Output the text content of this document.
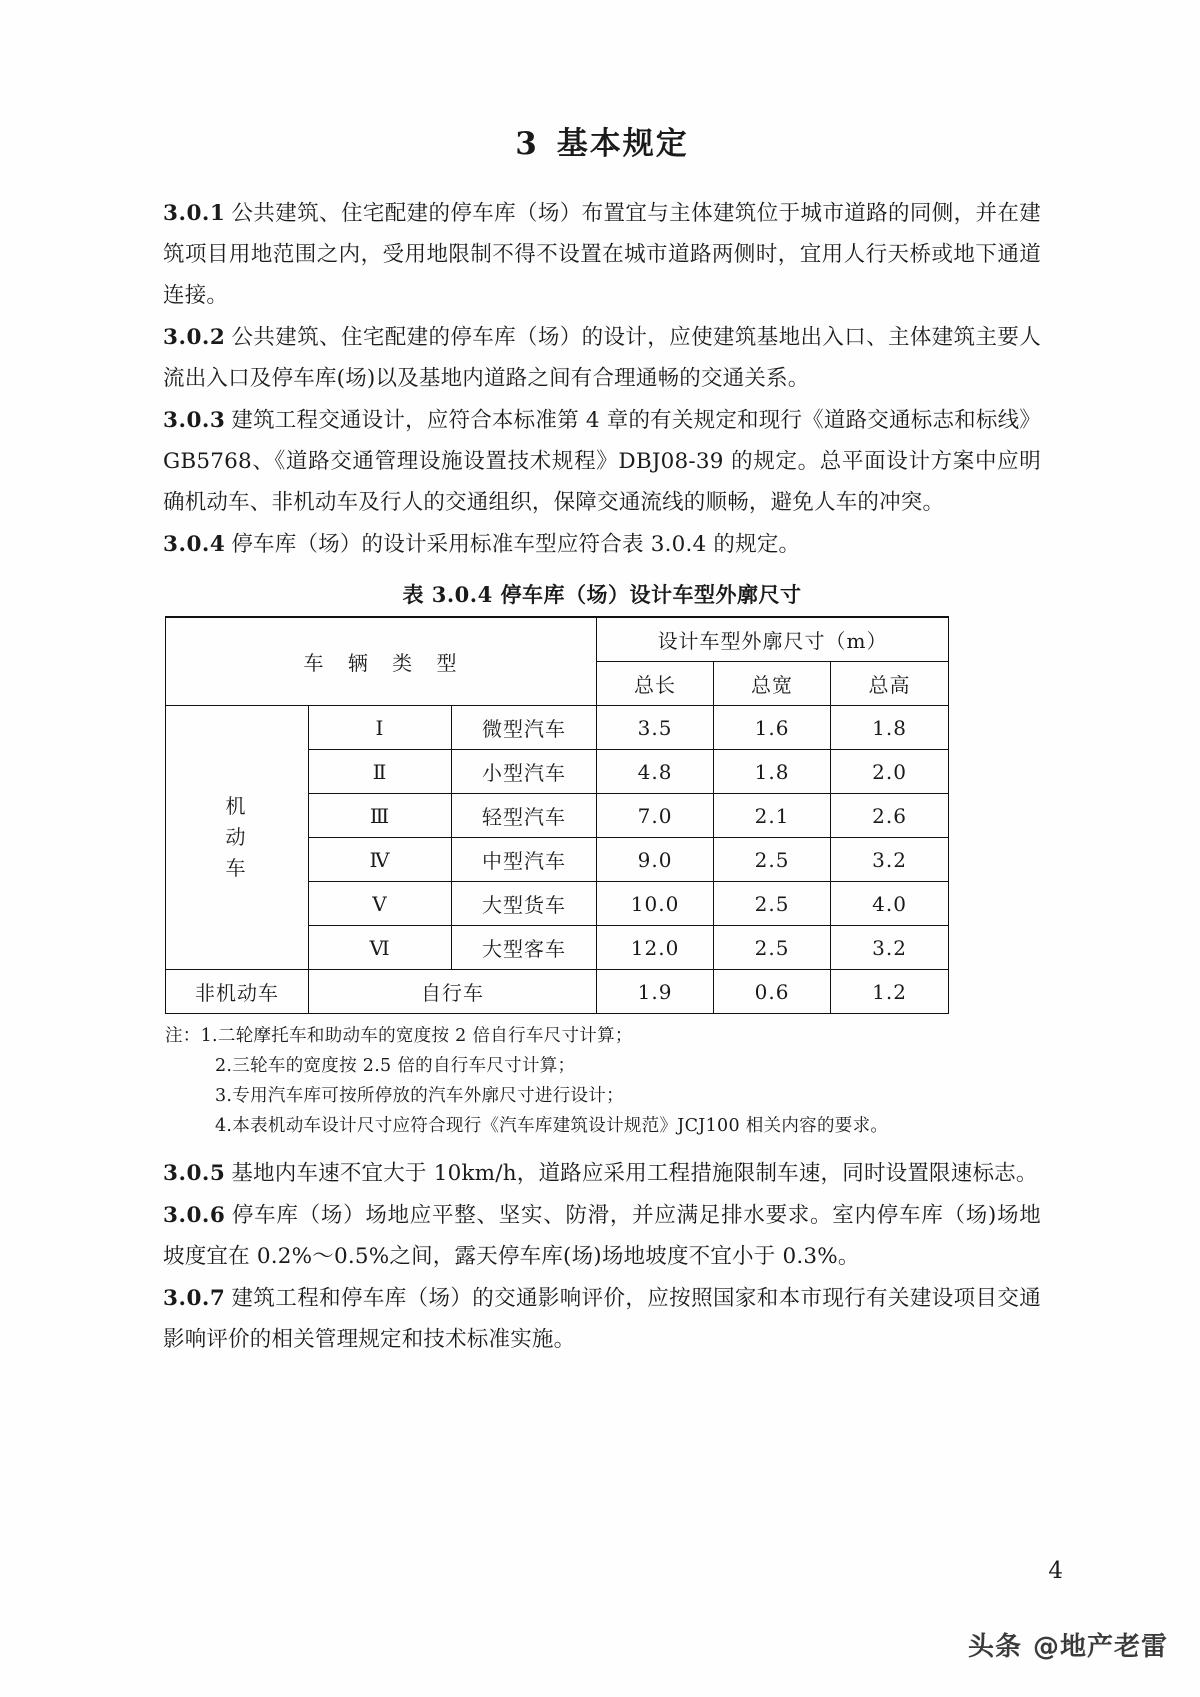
3 基本规定

3.0.1 公共建筑、住宅配建的停车库（场）布置宜与主体建筑位于城市道路的同侧，并在建筑项目用地范围之内，受用地限制不得不设置在城市道路两侧时，宜用人行天桥或地下通道连接。

3.0.2 公共建筑、住宅配建的停车库（场）的设计，应使建筑基地出入口、主体建筑主要人流出入口及停车库(场)以及基地内道路之间有合理通畅的交通关系。

3.0.3 建筑工程交通设计，应符合本标准第 4 章的有关规定和现行《道路交通标志和标线》GB5768、《道路交通管理设施设置技术规程》DBJ08-39 的规定。总平面设计方案中应明确机动车、非机动车及行人的交通组织，保障交通流线的顺畅，避免人车的冲突。

3.0.4 停车库（场）的设计采用标准车型应符合表 3.0.4 的规定。

表 3.0.4 停车库（场）设计车型外廓尺寸
车 辆 类 型			设计车型外廓尺寸（m）		
			总长	总宽	总高

机
动
车	Ⅰ	微型汽车	3.5	1.6	1.8
	Ⅱ	小型汽车	4.8	1.8	2.0
	Ⅲ	轻型汽车	7.0	2.1	2.6
	Ⅳ	中型汽车	9.0	2.5	3.2
	Ⅴ	大型货车	10.0	2.5	4.0
	Ⅵ	大型客车	12.0	2.5	3.2
非机动车	自行车		1.9	0.6	1.2
注：1.二轮摩托车和助动车的宽度按 2 倍自行车尺寸计算；
2.三轮车的宽度按 2.5 倍的自行车尺寸计算；
3.专用汽车库可按所停放的汽车外廓尺寸进行设计；
4.本表机动车设计尺寸应符合现行《汽车库建筑设计规范》JCJ100 相关内容的要求。

3.0.5 基地内车速不宜大于 10km/h，道路应采用工程措施限制车速，同时设置限速标志。

3.0.6 停车库（场）场地应平整、坚实、防滑，并应满足排水要求。室内停车库（场)场地坡度宜在 0.2%～0.5%之间，露天停车库(场)场地坡度不宜小于 0.3%。

3.0.7 建筑工程和停车库（场）的交通影响评价，应按照国家和本市现行有关建设项目交通影响评价的相关管理规定和技术标准实施。

4
头条 @地产老雷
